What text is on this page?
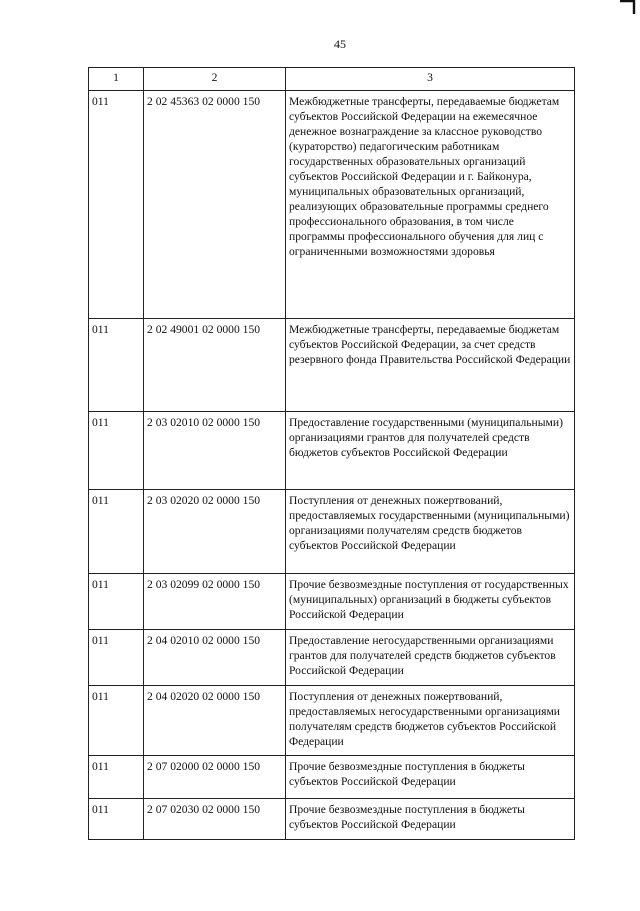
45
1	2	3
011	2 02 45363 02 0000 150	Межбюджетные трансферты, передаваемые бюджетам субъектов Российской Федерации на ежемесячное денежное вознаграждение за классное руководство (кураторство) педагогическим работникам государственных образовательных организаций субъектов Российской Федерации и г. Байконура, муниципальных образовательных организаций, реализующих образовательные программы среднего профессионального образования, в том числе программы профессионального обучения для лиц с ограниченными возможностями здоровья
011	2 02 49001 02 0000 150	Межбюджетные трансферты, передаваемые бюджетам субъектов Российской Федерации, за счет средств резервного фонда Правительства Российской Федерации
011	2 03 02010 02 0000 150	Предоставление государственными (муниципальными) организациями грантов для получателей средств бюджетов субъектов Российской Федерации
011	2 03 02020 02 0000 150	Поступления от денежных пожертвований, предоставляемых государственными (муниципальными) организациями получателям средств бюджетов субъектов Российской Федерации
011	2 03 02099 02 0000 150	Прочие безвозмездные поступления от государственных (муниципальных) организаций в бюджеты субъектов Российской Федерации
011	2 04 02010 02 0000 150	Предоставление негосударственными организациями грантов для получателей средств бюджетов субъектов Российской Федерации
011	2 04 02020 02 0000 150	Поступления от денежных пожертвований, предоставляемых негосударственными организациями получателям средств бюджетов субъектов Российской Федерации
011	2 07 02000 02 0000 150	Прочие безвозмездные поступления в бюджеты субъектов Российской Федерации
011	2 07 02030 02 0000 150	Прочие безвозмездные поступления в бюджеты субъектов Российской Федерации
